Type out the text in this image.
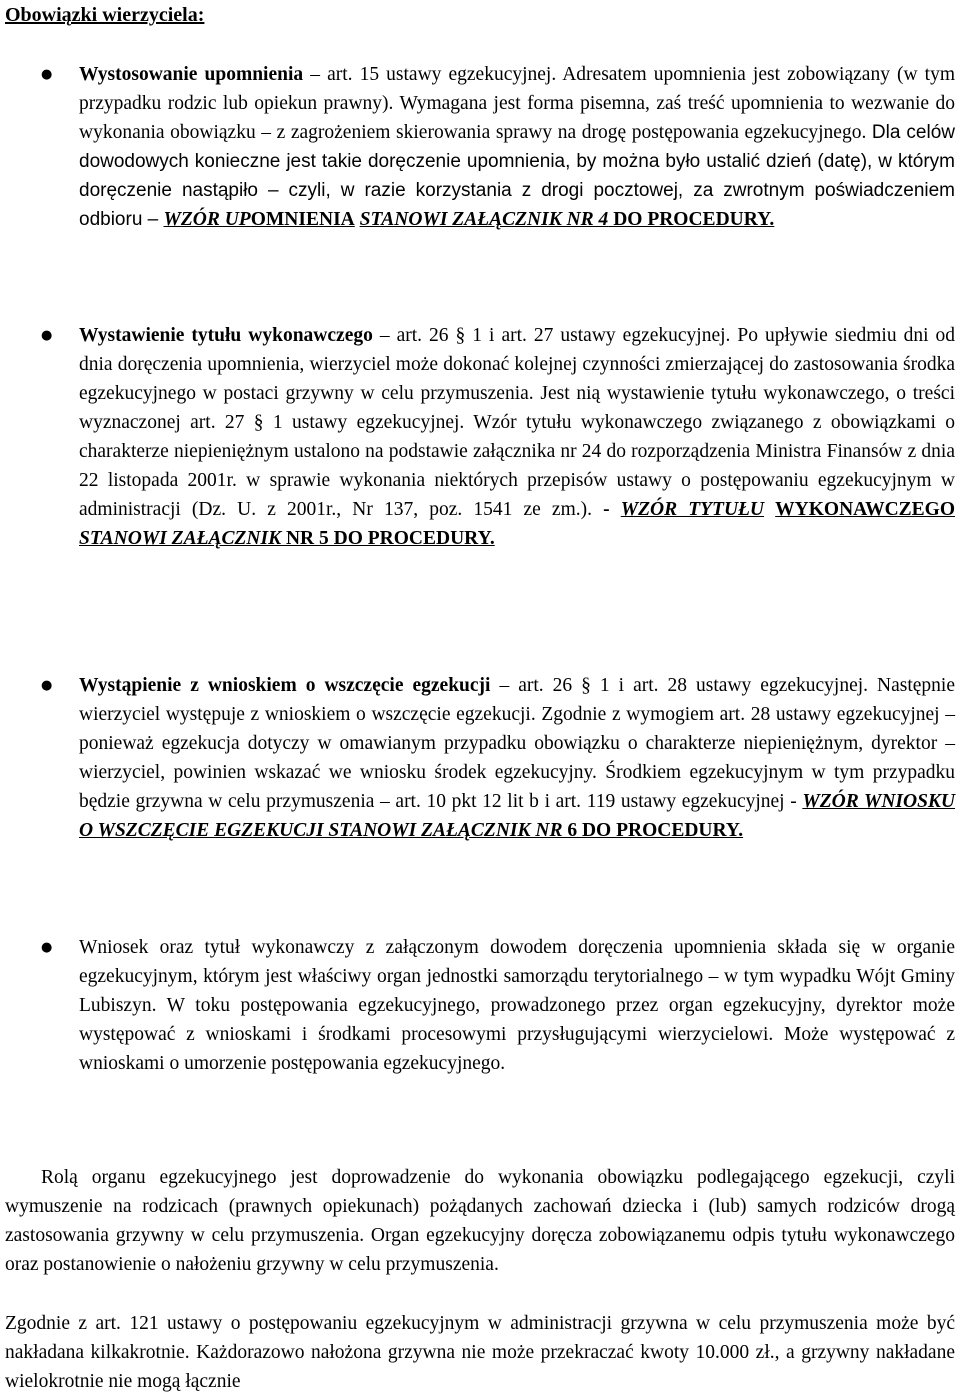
Obowiązki wierzyciela:

● Wystosowanie upomnienia – art. 15 ustawy egzekucyjnej. Adresatem upomnienia jest zobowiązany (w tym przypadku rodzic lub opiekun prawny). Wymagana jest forma pisemna, zaś treść upomnienia to wezwanie do wykonania obowiązku – z zagrożeniem skierowania sprawy na drogę postępowania egzekucyjnego. Dla celów dowodowych konieczne jest takie doręczenie upomnienia, by można było ustalić dzień (datę), w którym doręczenie nastąpiło – czyli, w razie korzystania z drogi pocztowej, za zwrotnym poświadczeniem odbioru – WZÓR UPOMNIENIA STANOWI ZAŁĄCZNIK NR 4 DO PROCEDURY.

● Wystawienie tytułu wykonawczego – art. 26 § 1 i art. 27 ustawy egzekucyjnej. Po upływie siedmiu dni od dnia doręczenia upomnienia, wierzyciel może dokonać kolejnej czynności zmierzającej do zastosowania środka egzekucyjnego w postaci grzywny w celu przymuszenia. Jest nią wystawienie tytułu wykonawczego, o treści wyznaczonej art. 27 § 1 ustawy egzekucyjnej. Wzór tytułu wykonawczego związanego z obowiązkami o charakterze niepieniężnym ustalono na podstawie załącznika nr 24 do rozporządzenia Ministra Finansów z dnia 22 listopada 2001r. w sprawie wykonania niektórych przepisów ustawy o postępowaniu egzekucyjnym w administracji (Dz. U. z 2001r., Nr 137, poz. 1541 ze zm.). - WZÓR TYTUŁU WYKONAWCZEGO STANOWI ZAŁĄCZNIK NR 5 DO PROCEDURY.

● Wystąpienie z wnioskiem o wszczęcie egzekucji – art. 26 § 1 i art. 28 ustawy egzekucyjnej. Następnie wierzyciel występuje z wnioskiem o wszczęcie egzekucji. Zgodnie z wymogiem art. 28 ustawy egzekucyjnej – ponieważ egzekucja dotyczy w omawianym przypadku obowiązku o charakterze niepieniężnym, dyrektor – wierzyciel, powinien wskazać we wniosku środek egzekucyjny. Środkiem egzekucyjnym w tym przypadku będzie grzywna w celu przymuszenia – art. 10 pkt 12 lit b i art. 119 ustawy egzekucyjnej - WZÓR WNIOSKU O WSZCZĘCIE EGZEKUCJI STANOWI ZAŁĄCZNIK NR 6 DO PROCEDURY.

● Wniosek oraz tytuł wykonawczy z załączonym dowodem doręczenia upomnienia składa się w organie egzekucyjnym, którym jest właściwy organ jednostki samorządu terytorialnego – w tym wypadku Wójt Gminy Lubiszyn. W toku postępowania egzekucyjnego, prowadzonego przez organ egzekucyjny, dyrektor może występować z wnioskami i środkami procesowymi przysługującymi wierzycielowi. Może występować z wnioskami o umorzenie postępowania egzekucyjnego.

Rolą organu egzekucyjnego jest doprowadzenie do wykonania obowiązku podlegającego egzekucji, czyli wymuszenie na rodzicach (prawnych opiekunach) pożądanych zachowań dziecka i (lub) samych rodziców drogą zastosowania grzywny w celu przymuszenia. Organ egzekucyjny doręcza zobowiązanemu odpis tytułu wykonawczego oraz postanowienie o nałożeniu grzywny w celu przymuszenia.

Zgodnie z art. 121 ustawy o postępowaniu egzekucyjnym w administracji grzywna w celu przymuszenia może być nakładana kilkakrotnie. Każdorazowo nałożona grzywna nie może przekraczać kwoty 10.000 zł., a grzywny nakładane wielokrotnie nie mogą łącznie
